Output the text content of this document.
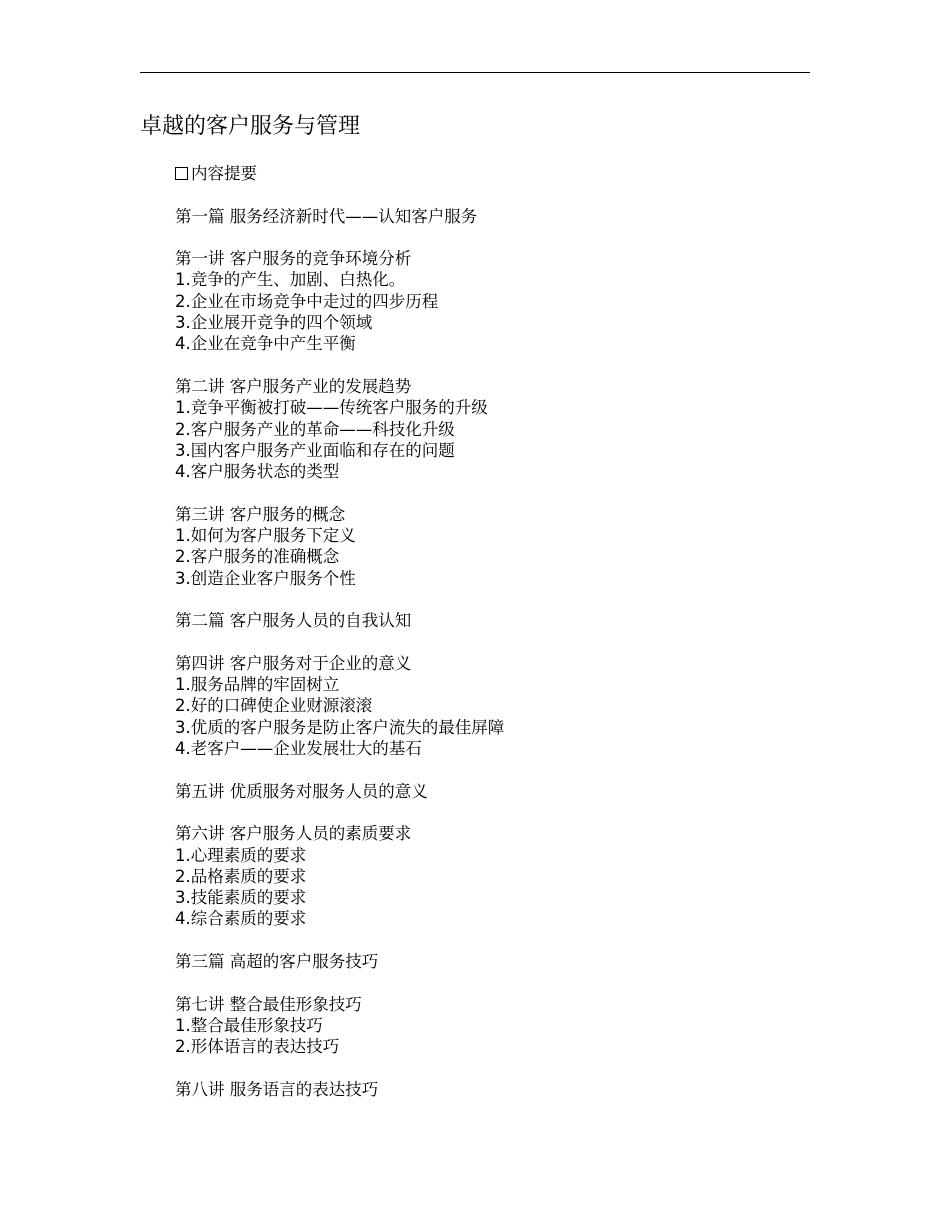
卓越的客户服务与管理
内容提要
第一篇 服务经济新时代——认知客户服务
第一讲 客户服务的竞争环境分析
1.竞争的产生、加剧、白热化。
2.企业在市场竞争中走过的四步历程
3.企业展开竞争的四个领域
4.企业在竞争中产生平衡
第二讲 客户服务产业的发展趋势
1.竞争平衡被打破——传统客户服务的升级
2.客户服务产业的革命——科技化升级
3.国内客户服务产业面临和存在的问题
4.客户服务状态的类型
第三讲 客户服务的概念
1.如何为客户服务下定义
2.客户服务的准确概念
3.创造企业客户服务个性
第二篇 客户服务人员的自我认知
第四讲 客户服务对于企业的意义
1.服务品牌的牢固树立
2.好的口碑使企业财源滚滚
3.优质的客户服务是防止客户流失的最佳屏障
4.老客户——企业发展壮大的基石
第五讲 优质服务对服务人员的意义
第六讲 客户服务人员的素质要求
1.心理素质的要求
2.品格素质的要求
3.技能素质的要求
4.综合素质的要求
第三篇 高超的客户服务技巧
第七讲 整合最佳形象技巧
1.整合最佳形象技巧
2.形体语言的表达技巧
第八讲 服务语言的表达技巧
